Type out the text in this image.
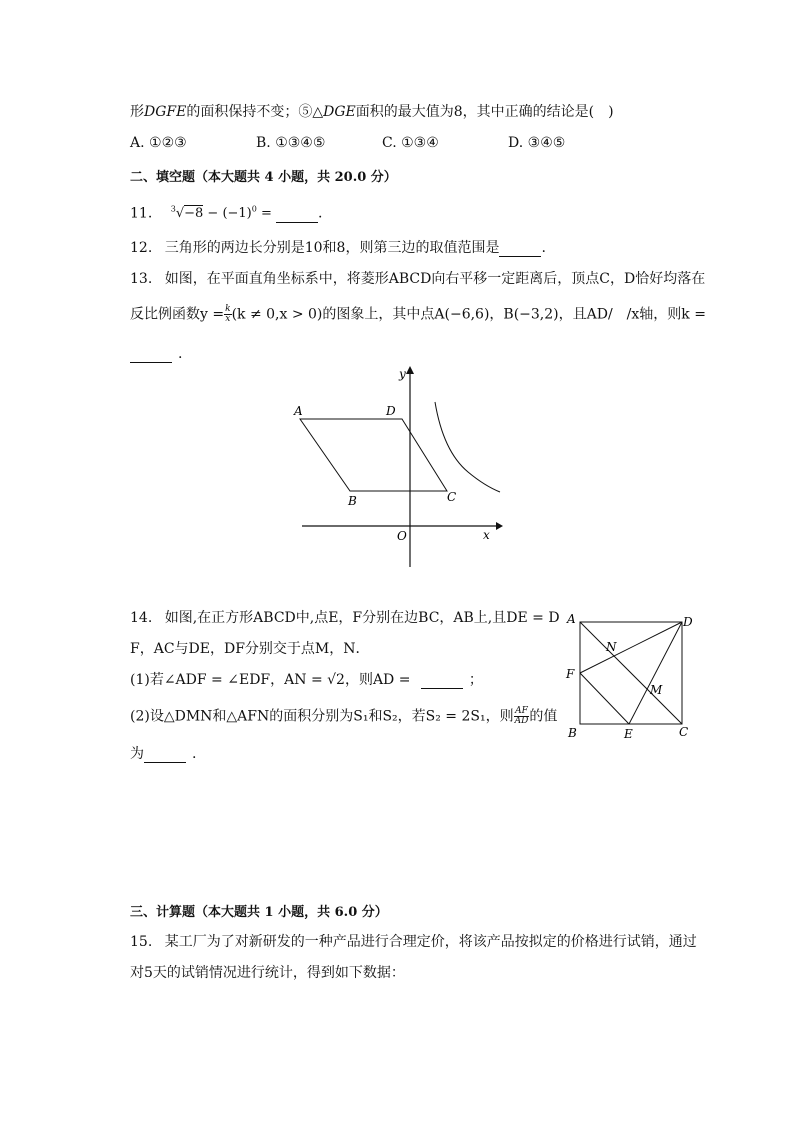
形DGFE的面积保持不变；⑤△DGE面积的最大值为8，其中正确的结论是(　)
A. ①②③	B. ①③④⑤	C. ①③④	D. ③④⑤
二、填空题（本大题共 4 小题，共 20.0 分）
11. $^3√-8 - (-1)^0$ =	.
12. 三角形的两边长分别是10和8，则第三边的取值范围是	.
13. 如图，在平面直角坐标系中，将菱形ABCD向右平移一定距离后，顶点C，D恰好均落在
反比例函数$y = \frac{k}{x} (k \ne 0,x > 0)$的图象上，其中点A(−6,6)，B(−3,2)，且AD/　/x轴，则k =
.
y
x
O
A	D
B	C
14. 如图,在正方形ABCD中,点E，F分别在边BC，AB上,且DE = D
F，AC与DE，DF分别交于点M，N．
(1)若∠ADF = ∠EDF，AN = √2，则AD =	；
(2)设△DMN和△AFN的面积分别为S₁和S₂，若S₂ = 2S₁，则 $\frac{AF}{AD}$ 的值
为	.
A	D
N
F
M
B	E	C
三、计算题（本大题共 1 小题，共 6.0 分）
15. 某工厂为了对新研发的一种产品进行合理定价，将该产品按拟定的价格进行试销，通过
对5天的试销情况进行统计，得到如下数据：
